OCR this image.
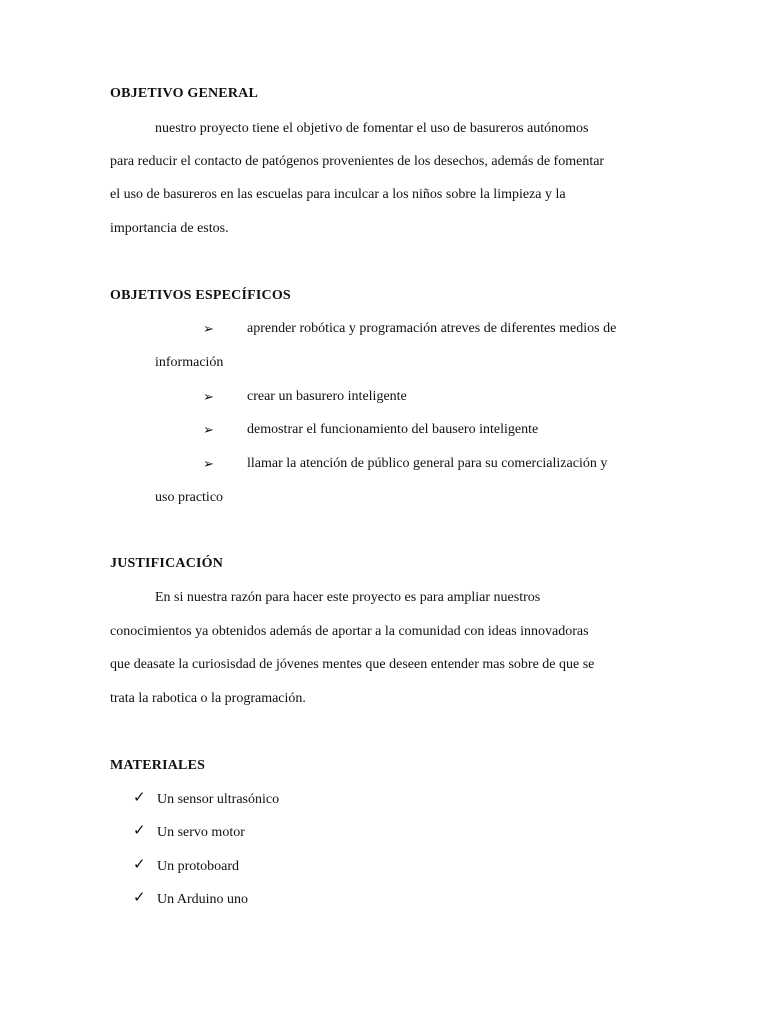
OBJETIVO GENERAL
nuestro proyecto tiene el objetivo de fomentar el uso de basureros autónomos
para reducir el contacto de patógenos provenientes de los desechos, además de fomentar
el uso de basureros en las escuelas para inculcar a los niños sobre la limpieza y la
importancia de estos.
OBJETIVOS ESPECÍFICOS
➢ aprender robótica y programación atreves de diferentes medios de
información
➢ crear un basurero inteligente
➢ demostrar el funcionamiento del bausero inteligente
➢ llamar la atención de público general para su comercialización y
uso practico
JUSTIFICACIÓN
En si nuestra razón para hacer este proyecto es para ampliar nuestros
conocimientos ya obtenidos además de aportar a la comunidad con ideas innovadoras
que deasate la curiosisdad de jóvenes mentes que deseen entender mas sobre de que se
trata la rabotica o la programación.
MATERIALES
✓ Un sensor ultrasónico
✓ Un servo motor
✓ Un protoboard
✓ Un Arduino uno
